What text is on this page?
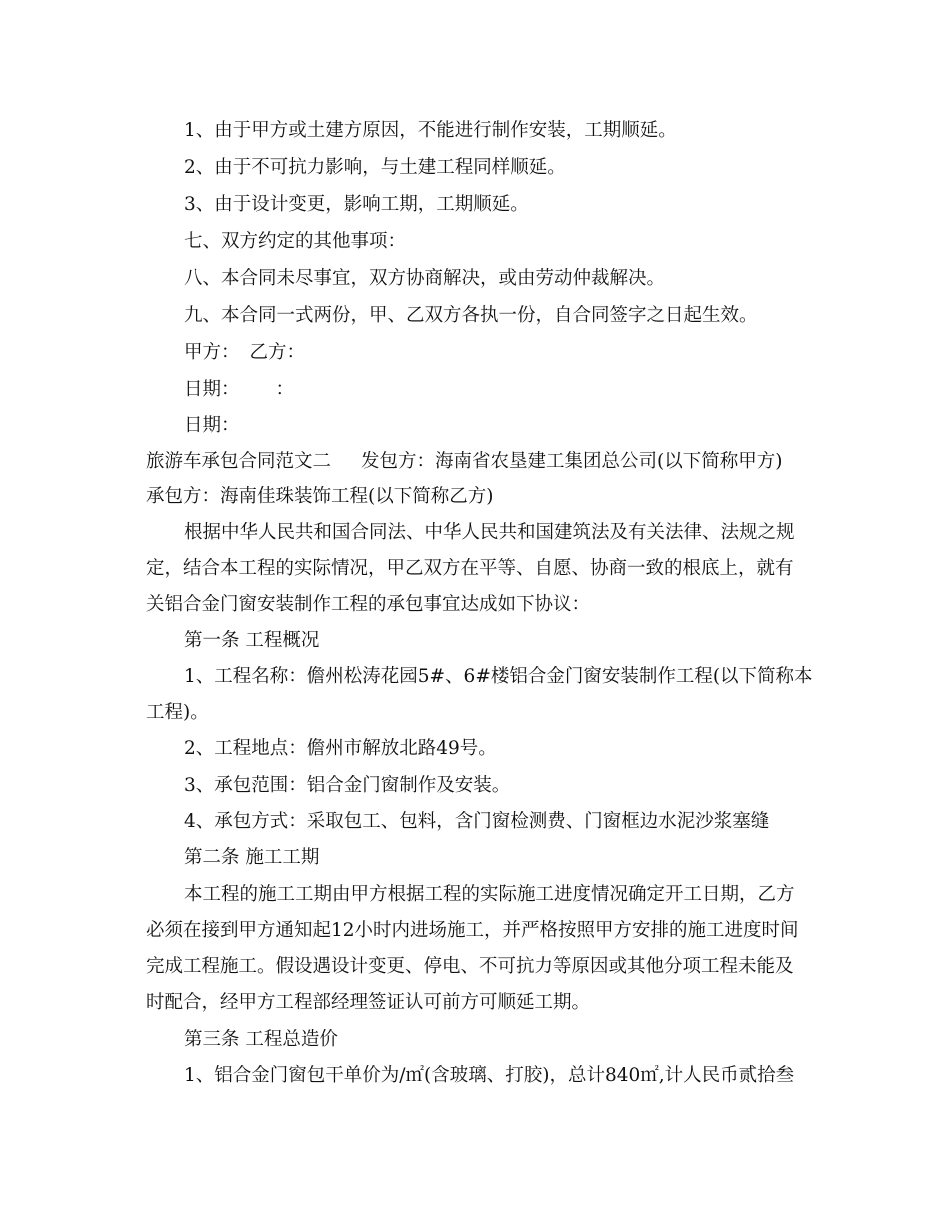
1、由于甲方或土建方原因，不能进行制作安装，工期顺延。
2、由于不可抗力影响，与土建工程同样顺延。
3、由于设计变更，影响工期，工期顺延。
七、双方约定的其他事项：
八、本合同未尽事宜，双方协商解决，或由劳动仲裁解决。
九、本合同一式两份，甲、乙双方各执一份，自合同签字之日起生效。
甲方： 乙方：
日期： ：
日期：
旅游车承包合同范文二 发包方：海南省农垦建工集团总公司(以下简称甲方)
承包方：海南佳珠装饰工程(以下简称乙方)
根据中华人民共和国合同法、中华人民共和国建筑法及有关法律、法规之规
定，结合本工程的实际情况，甲乙双方在平等、自愿、协商一致的根底上，就有
关铝合金门窗安装制作工程的承包事宜达成如下协议：
第一条 工程概况
1、工程名称：儋州松涛花园5#、6#楼铝合金门窗安装制作工程(以下简称本
工程)。
2、工程地点：儋州市解放北路49号。
3、承包范围：铝合金门窗制作及安装。
4、承包方式：采取包工、包料，含门窗检测费、门窗框边水泥沙浆塞缝
第二条 施工工期
本工程的施工工期由甲方根据工程的实际施工进度情况确定开工日期，乙方
必须在接到甲方通知起12小时内进场施工，并严格按照甲方安排的施工进度时间
完成工程施工。假设遇设计变更、停电、不可抗力等原因或其他分项工程未能及
时配合，经甲方工程部经理签证认可前方可顺延工期。
第三条 工程总造价
1、铝合金门窗包干单价为/㎡(含玻璃、打胶)，总计840㎡,计人民币贰拾叁
